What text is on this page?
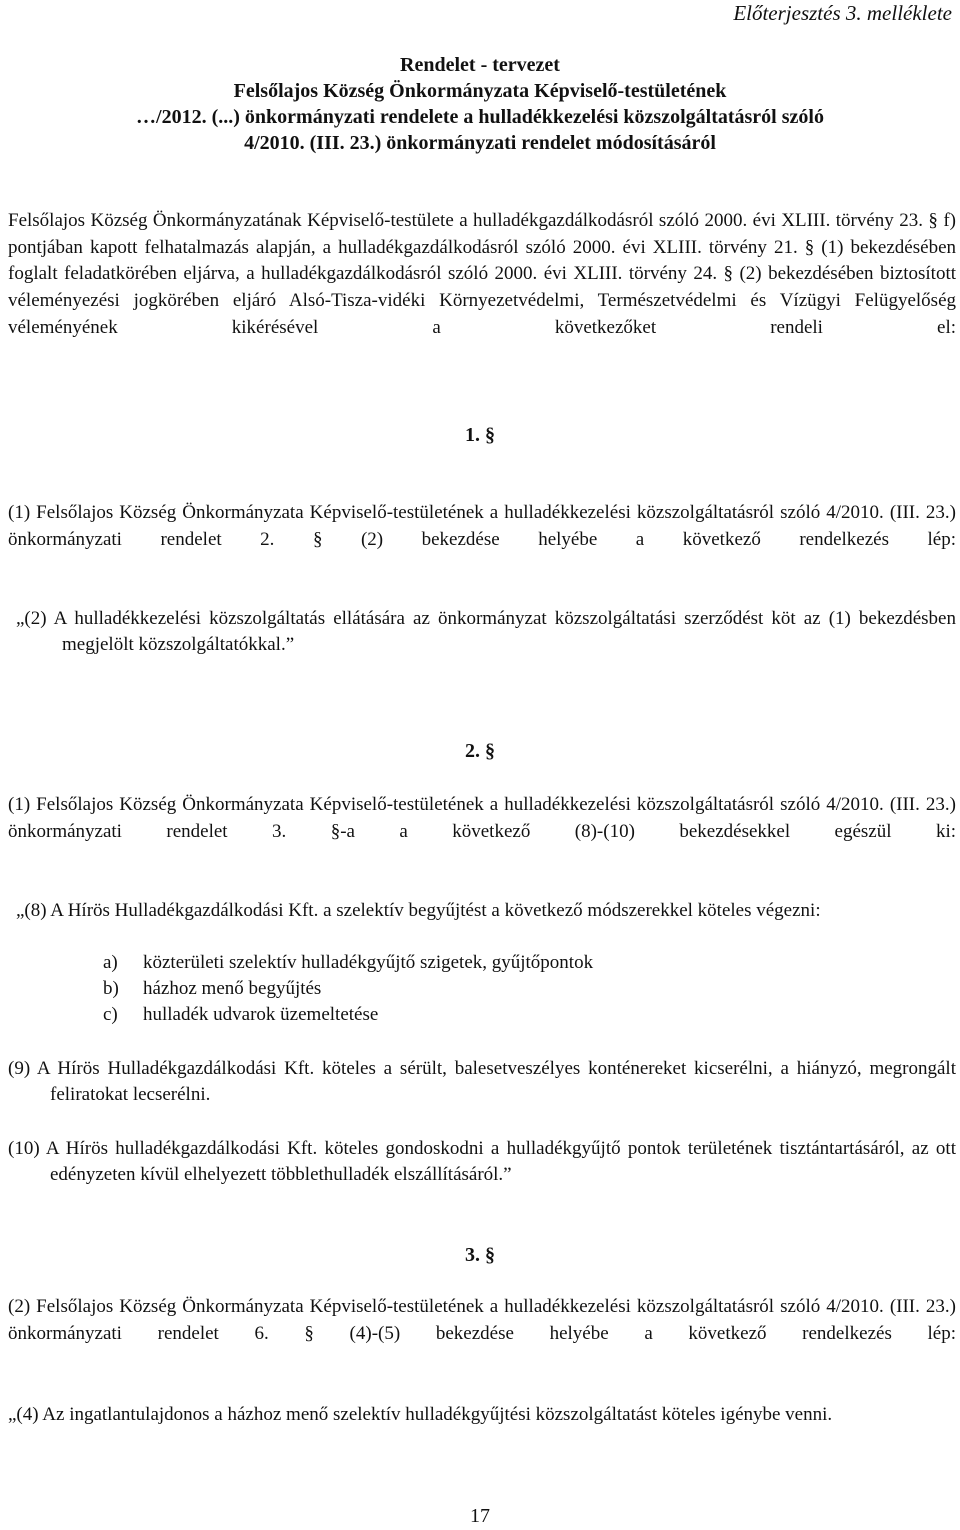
Előterjesztés 3. melléklete
Rendelet - tervezet
Felsőlajos Község Önkormányzata Képviselő-testületének
…/2012. (...) önkormányzati rendelete a hulladékkezelési közszolgáltatásról szóló
4/2010. (III. 23.) önkormányzati rendelet módosításáról
Felsőlajos Község Önkormányzatának Képviselő-testülete a hulladékgazdálkodásról szóló 2000. évi XLIII. törvény 23. § f) pontjában kapott felhatalmazás alapján, a hulladékgazdálkodásról szóló 2000. évi XLIII. törvény 21. § (1) bekezdésében foglalt feladatkörében eljárva, a hulladékgazdálkodásról szóló 2000. évi XLIII. törvény 24. § (2) bekezdésében biztosított véleményezési jogkörében eljáró Alsó-Tisza-vidéki Környezetvédelmi, Természetvédelmi és Vízügyi Felügyelőség véleményének kikérésével a következőket rendeli el:
1. §
(1) Felsőlajos Község Önkormányzata Képviselő-testületének a hulladékkezelési közszolgáltatásról szóló 4/2010. (III. 23.) önkormányzati rendelet 2. § (2) bekezdése helyébe a következő rendelkezés lép:
„(2) A hulladékkezelési közszolgáltatás ellátására az önkormányzat közszolgáltatási szerződést köt az (1) bekezdésben megjelölt közszolgáltatókkal.”
2. §
(1) Felsőlajos Község Önkormányzata Képviselő-testületének a hulladékkezelési közszolgáltatásról szóló 4/2010. (III. 23.) önkormányzati rendelet 3. §-a a következő (8)-(10) bekezdésekkel egészül ki:
„(8) A Hírös Hulladékgazdálkodási Kft. a szelektív begyűjtést a következő módszerekkel köteles végezni:
a) közterületi szelektív hulladékgyűjtő szigetek, gyűjtőpontok
b) házhoz menő begyűjtés
c) hulladék udvarok üzemeltetése
(9) A Hírös Hulladékgazdálkodási Kft. köteles a sérült, balesetveszélyes konténereket kicserélni, a hiányzó, megrongált feliratokat lecserélni.
(10) A Hírös hulladékgazdálkodási Kft. köteles gondoskodni a hulladékgyűjtő pontok területének tisztántartásáról, az ott edényzeten kívül elhelyezett többlethulladék elszállításáról.”
3. §
(2) Felsőlajos Község Önkormányzata Képviselő-testületének a hulladékkezelési közszolgáltatásról szóló 4/2010. (III. 23.) önkormányzati rendelet 6. § (4)-(5) bekezdése helyébe a következő rendelkezés lép:
„(4) Az ingatlantulajdonos a házhoz menő szelektív hulladékgyűjtési közszolgáltatást köteles igénybe venni.
17
